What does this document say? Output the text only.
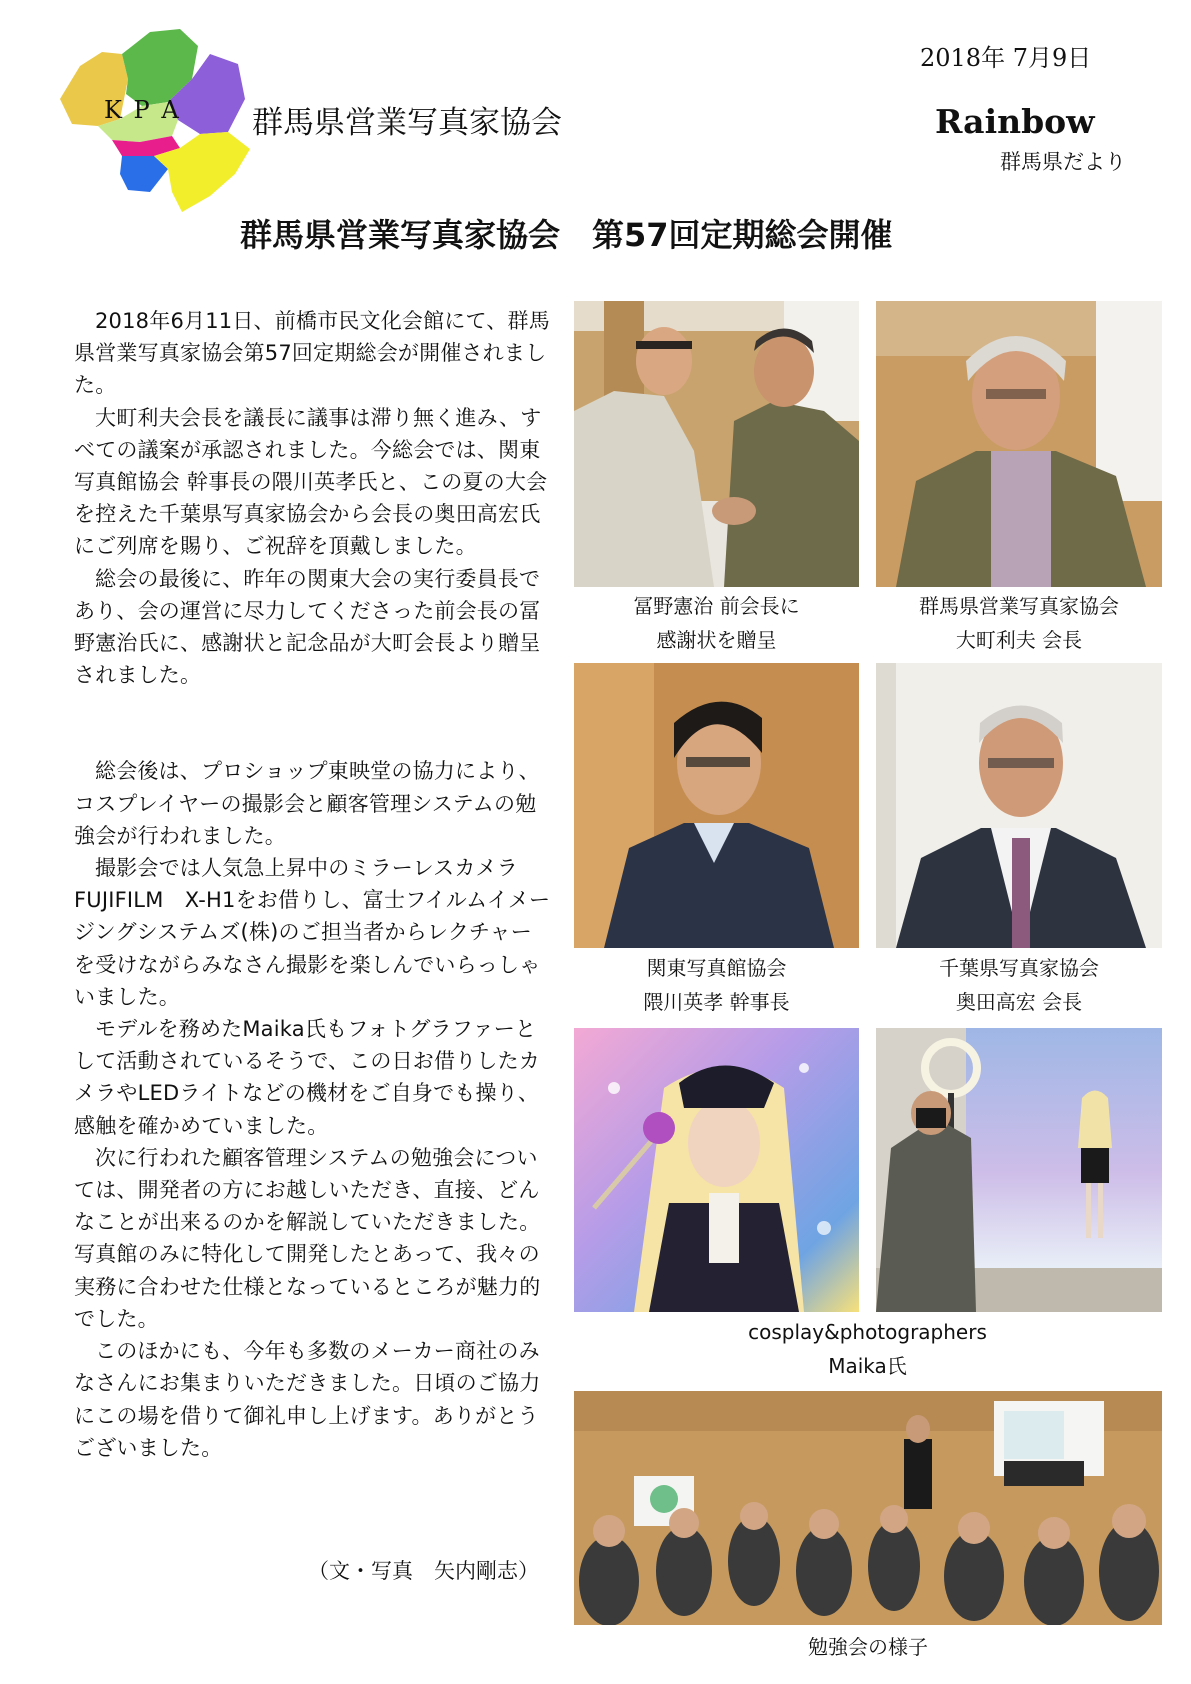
K P A 群馬県営業写真家協会
2018年 7月9日
Rainbow
群馬県だより
群馬県営業写真家協会　第57回定期総会開催

2018年6月11日、前橋市民文化会館にて、群馬県営業写真家協会第57回定期総会が開催されました。

大町利夫会長を議長に議事は滞り無く進み、すべての議案が承認されました。今総会では、関東写真館協会 幹事長の隈川英孝氏と、この夏の大会を控えた千葉県写真家協会から会長の奥田高宏氏にご列席を賜り、ご祝辞を頂戴しました。

総会の最後に、昨年の関東大会の実行委員長であり、会の運営に尽力してくださった前会長の冨野憲治氏に、感謝状と記念品が大町会長より贈呈されました。

総会後は、プロショップ東映堂の協力により、コスプレイヤーの撮影会と顧客管理システムの勉強会が行われました。

撮影会では人気急上昇中のミラーレスカメラFUJIFILM　X-H1をお借りし、富士フイルムイメージングシステムズ(株)のご担当者からレクチャーを受けながらみなさん撮影を楽しんでいらっしゃいました。

モデルを務めたMaika氏もフォトグラファーとして活動されているそうで、この日お借りしたカメラやLEDライトなどの機材をご自身でも操り、感触を確かめていました。

次に行われた顧客管理システムの勉強会については、開発者の方にお越しいただき、直接、どんなことが出来るのかを解説していただきました。写真館のみに特化して開発したとあって、我々の実務に合わせた仕様となっているところが魅力的でした。

このほかにも、今年も多数のメーカー商社のみなさんにお集まりいただきました。日頃のご協力にこの場を借りて御礼申し上げます。ありがとうございました。

（文・写真　矢内剛志）
冨野憲治 前会長に
感謝状を贈呈
群馬県営業写真家協会
大町利夫 会長
関東写真館協会
隈川英孝 幹事長
千葉県写真家協会
奥田高宏 会長
cosplay&photographers
Maika氏
勉強会の様子
